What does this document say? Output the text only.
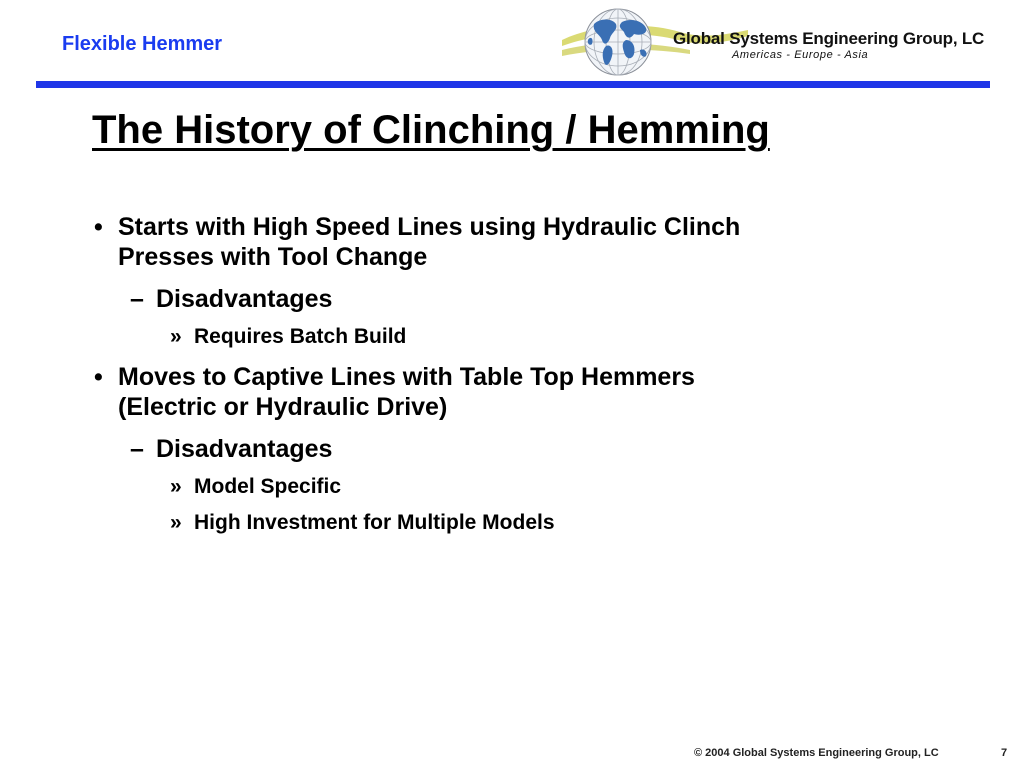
Flexible Hemmer	Global Systems Engineering Group, LC
Americas - Europe - Asia
The History of Clinching / Hemming
• Starts with High Speed Lines using Hydraulic Clinch
Presses with Tool Change
– Disadvantages
» Requires Batch Build
• Moves to Captive Lines with Table Top Hemmers
(Electric or Hydraulic Drive)
– Disadvantages
» Model Specific
» High Investment for Multiple Models
© 2004 Global Systems Engineering Group, LC	7
